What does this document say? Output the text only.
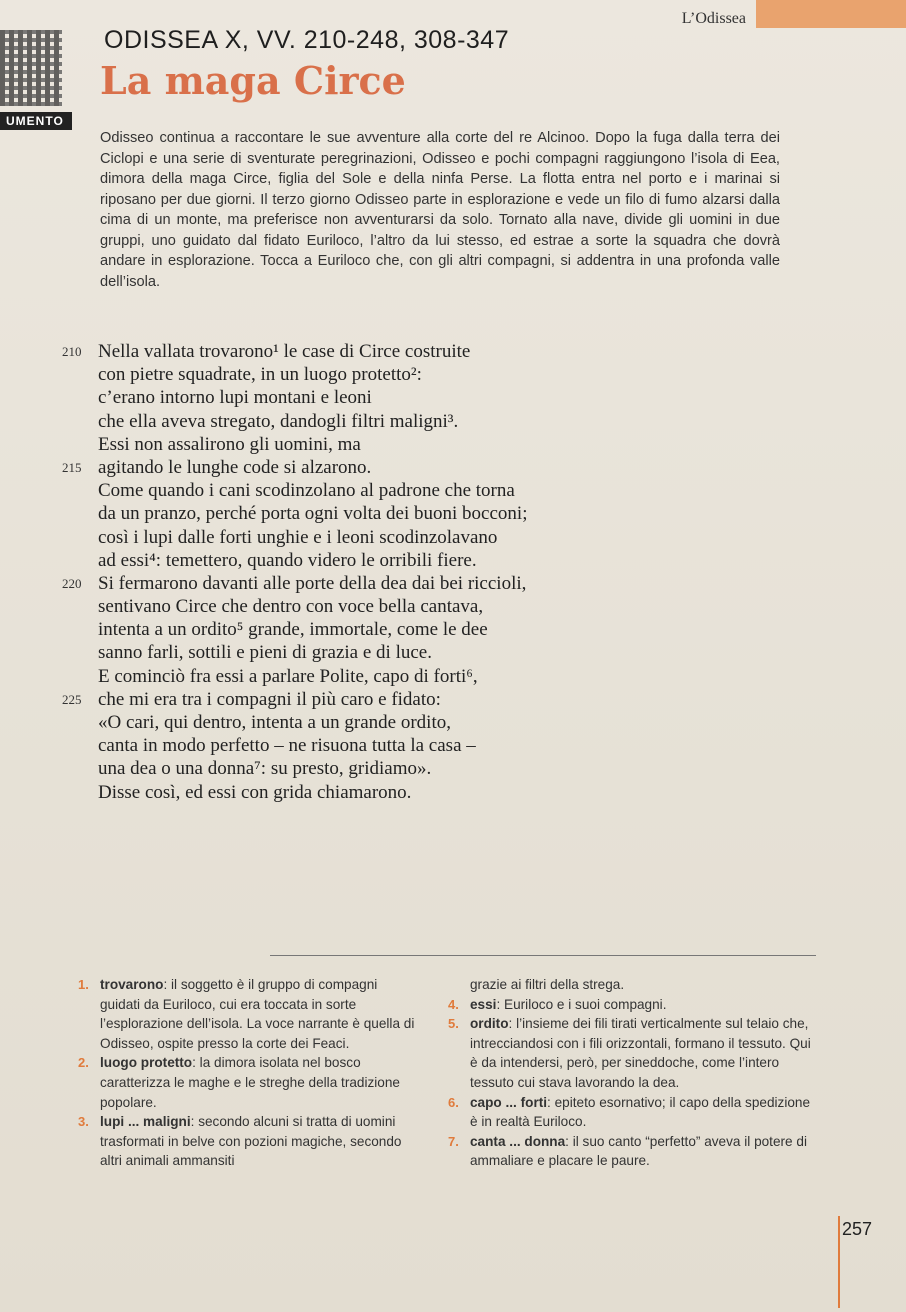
L’Odissea
UMENTO
ODISSEA X, VV. 210-248, 308-347
La maga Circe
Odisseo continua a raccontare le sue avventure alla corte del re Alcinoo. Dopo la fuga dalla terra dei Ciclopi e una serie di sventurate peregrinazioni, Odisseo e pochi compagni raggiungono l’isola di Eea, dimora della maga Circe, figlia del Sole e della ninfa Perse. La flotta entra nel porto e i marinai si riposano per due giorni. Il terzo giorno Odisseo parte in esplorazione e vede un filo di fumo alzarsi dalla cima di un monte, ma preferisce non avventurarsi da solo. Tornato alla nave, divide gli uomini in due gruppi, uno guidato dal fidato Euriloco, l’altro da lui stesso, ed estrae a sorte la squadra che dovrà andare in esplorazione. Tocca a Euriloco che, con gli altri compagni, si addentra in una profonda valle dell’isola.
210 Nella vallata trovarono¹ le case di Circe costruite
con pietre squadrate, in un luogo protetto²:
c’erano intorno lupi montani e leoni
che ella aveva stregato, dandogli filtri maligni³.
Essi non assalirono gli uomini, ma
215 agitando le lunghe code si alzarono.
Come quando i cani scodinzolano al padrone che torna
da un pranzo, perché porta ogni volta dei buoni bocconi;
così i lupi dalle forti unghie e i leoni scodinzolavano
ad essi⁴: temettero, quando videro le orribili fiere.
220 Si fermarono davanti alle porte della dea dai bei riccioli,
sentivano Circe che dentro con voce bella cantava,
intenta a un ordito⁵ grande, immortale, come le dee
sanno farli, sottili e pieni di grazia e di luce.
E cominciò fra essi a parlare Polite, capo di forti⁶,
225 che mi era tra i compagni il più caro e fidato:
«O cari, qui dentro, intenta a un grande ordito,
canta in modo perfetto – ne risuona tutta la casa –
una dea o una donna⁷: su presto, gridiamo».
Disse così, ed essi con grida chiamarono.

1. trovarono: il soggetto è il gruppo di compagni guidati da Euriloco, cui era toccata in sorte l’esplorazione dell’isola. La voce narrante è quella di Odisseo, ospite presso la corte dei Feaci.

2. luogo protetto: la dimora isolata nel bosco caratterizza le maghe e le streghe della tradizione popolare.

3. lupi ... maligni: secondo alcuni si tratta di uomini trasformati in belve con pozioni magiche, secondo altri animali ammansiti

grazie ai filtri della strega.

4. essi: Euriloco e i suoi compagni.

5. ordito: l’insieme dei fili tirati verticalmente sul telaio che, intrecciandosi con i fili orizzontali, formano il tessuto. Qui è da intendersi, però, per sineddoche, come l’intero tessuto cui stava lavorando la dea.

6. capo ... forti: epiteto esornativo; il capo della spedizione è in realtà Euriloco.

7. canta ... donna: il suo canto “perfetto” aveva il potere di ammaliare e placare le paure.

257
